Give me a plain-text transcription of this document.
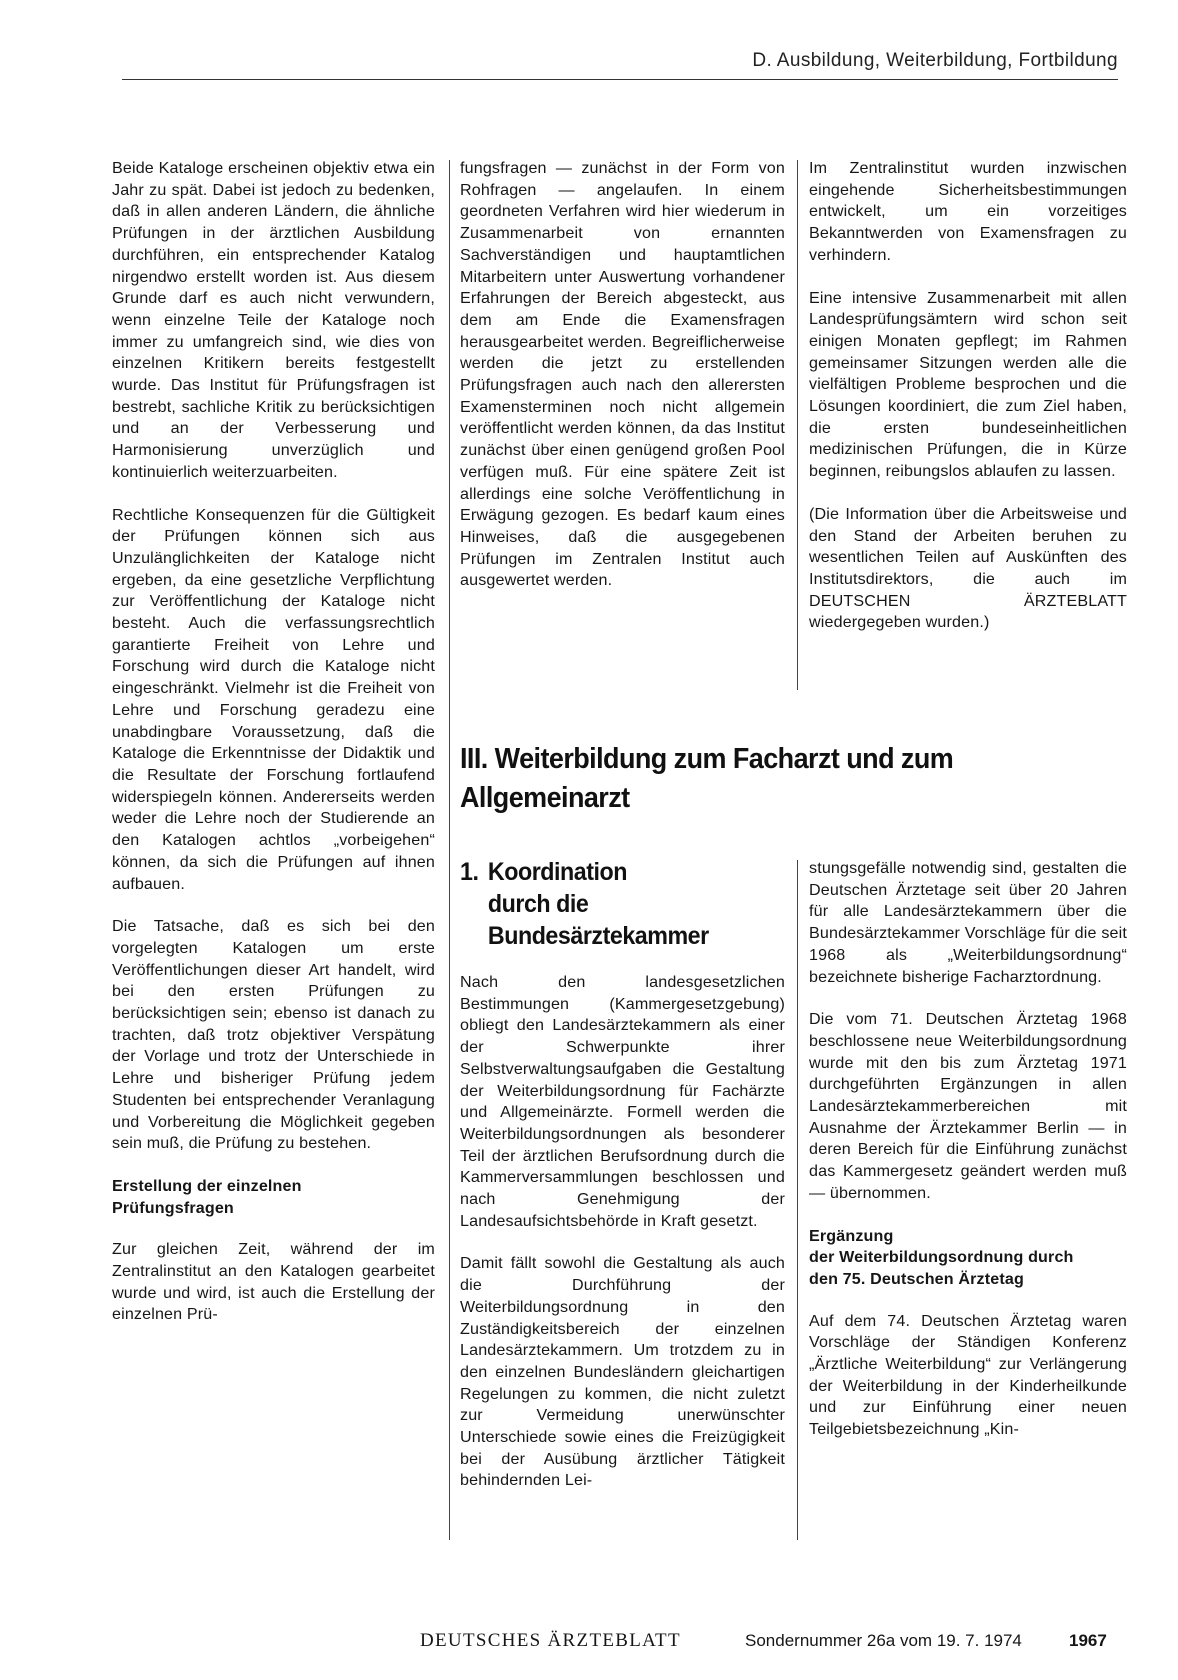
D. Ausbildung, Weiterbildung, Fortbildung

Beide Kataloge erscheinen objektiv etwa ein Jahr zu spät. Dabei ist jedoch zu bedenken, daß in allen anderen Ländern, die ähnliche Prüfungen in der ärztlichen Ausbildung durchführen, ein entsprechender Katalog nirgendwo erstellt worden ist. Aus diesem Grunde darf es auch nicht verwundern, wenn einzelne Teile der Kataloge noch immer zu umfangreich sind, wie dies von einzelnen Kritikern bereits festgestellt wurde. Das Institut für Prüfungsfragen ist bestrebt, sachliche Kritik zu berücksichtigen und an der Verbesserung und Harmonisierung unverzüglich und kontinuierlich weiterzuarbeiten.

Rechtliche Konsequenzen für die Gültigkeit der Prüfungen können sich aus Unzulänglichkeiten der Kataloge nicht ergeben, da eine gesetzliche Verpflichtung zur Veröffentlichung der Kataloge nicht besteht. Auch die verfassungsrechtlich garantierte Freiheit von Lehre und Forschung wird durch die Kataloge nicht eingeschränkt. Vielmehr ist die Freiheit von Lehre und Forschung geradezu eine unabdingbare Voraussetzung, daß die Kataloge die Erkenntnisse der Didaktik und die Resultate der Forschung fortlaufend widerspiegeln können. Andererseits werden weder die Lehre noch der Studierende an den Katalogen achtlos „vorbeigehen“ können, da sich die Prüfungen auf ihnen aufbauen.

Die Tatsache, daß es sich bei den vorgelegten Katalogen um erste Veröffentlichungen dieser Art handelt, wird bei den ersten Prüfungen zu berücksichtigen sein; ebenso ist danach zu trachten, daß trotz objektiver Verspätung der Vorlage und trotz der Unterschiede in Lehre und bisheriger Prüfung jedem Studenten bei entsprechender Veranlagung und Vorbereitung die Möglichkeit gegeben sein muß, die Prüfung zu bestehen.

Erstellung der einzelnen
Prüfungsfragen

Zur gleichen Zeit, während der im Zentralinstitut an den Katalogen gearbeitet wurde und wird, ist auch die Erstellung der einzelnen Prü-

fungsfragen — zunächst in der Form von Rohfragen — angelaufen. In einem geordneten Verfahren wird hier wiederum in Zusammenarbeit von ernannten Sachverständigen und hauptamtlichen Mitarbeitern unter Auswertung vorhandener Erfahrungen der Bereich abgesteckt, aus dem am Ende die Examensfragen herausgearbeitet werden. Begreiflicherweise werden die jetzt zu erstellenden Prüfungsfragen auch nach den allerersten Examensterminen noch nicht allgemein veröffentlicht werden können, da das Institut zunächst über einen genügend großen Pool verfügen muß. Für eine spätere Zeit ist allerdings eine solche Veröffentlichung in Erwägung gezogen. Es bedarf kaum eines Hinweises, daß die ausgegebenen Prüfungen im Zentralen Institut auch ausgewertet werden.

Im Zentralinstitut wurden inzwischen eingehende Sicherheitsbestimmungen entwickelt, um ein vorzeitiges Bekanntwerden von Examensfragen zu verhindern.

Eine intensive Zusammenarbeit mit allen Landesprüfungsämtern wird schon seit einigen Monaten gepflegt; im Rahmen gemeinsamer Sitzungen werden alle die vielfältigen Probleme besprochen und die Lösungen koordiniert, die zum Ziel haben, die ersten bundeseinheitlichen medizinischen Prüfungen, die in Kürze beginnen, reibungslos ablaufen zu lassen.

(Die Information über die Arbeitsweise und den Stand der Arbeiten beruhen zu wesentlichen Teilen auf Auskünften des Institutsdirektors, die auch im DEUTSCHEN ÄRZTEBLATT wiedergegeben wurden.)

III. Weiterbildung zum Facharzt und zum
Allgemeinarzt
1. Koordination
durch die
Bundesärztekammer

Nach den landesgesetzlichen Bestimmungen (Kammergesetzgebung) obliegt den Landesärztekammern als einer der Schwerpunkte ihrer Selbstverwaltungsaufgaben die Gestaltung der Weiterbildungsordnung für Fachärzte und Allgemeinärzte. Formell werden die Weiterbildungsordnungen als besonderer Teil der ärztlichen Berufsordnung durch die Kammerversammlungen beschlossen und nach Genehmigung der Landesaufsichtsbehörde in Kraft gesetzt.

Damit fällt sowohl die Gestaltung als auch die Durchführung der Weiterbildungsordnung in den Zuständigkeitsbereich der einzelnen Landesärztekammern. Um trotzdem zu in den einzelnen Bundesländern gleichartigen Regelungen zu kommen, die nicht zuletzt zur Vermeidung unerwünschter Unterschiede sowie eines die Freizügigkeit bei der Ausübung ärztlicher Tätigkeit behindernden Lei-

stungsgefälle notwendig sind, gestalten die Deutschen Ärztetage seit über 20 Jahren für alle Landesärztekammern über die Bundesärztekammer Vorschläge für die seit 1968 als „Weiterbildungsordnung“ bezeichnete bisherige Facharztordnung.

Die vom 71. Deutschen Ärztetag 1968 beschlossene neue Weiterbildungsordnung wurde mit den bis zum Ärztetag 1971 durchgeführten Ergänzungen in allen Landesärztekammerbereichen mit Ausnahme der Ärztekammer Berlin — in deren Bereich für die Einführung zunächst das Kammergesetz geändert werden muß — übernommen.

Ergänzung
der Weiterbildungsordnung durch
den 75. Deutschen Ärztetag

Auf dem 74. Deutschen Ärztetag waren Vorschläge der Ständigen Konferenz „Ärztliche Weiterbildung“ zur Verlängerung der Weiterbildung in der Kinderheilkunde und zur Einführung einer neuen Teilgebietsbezeichnung „Kin-

DEUTSCHES ÄRZTEBLATT	Sondernummer 26a vom 19. 7. 1974	1967
